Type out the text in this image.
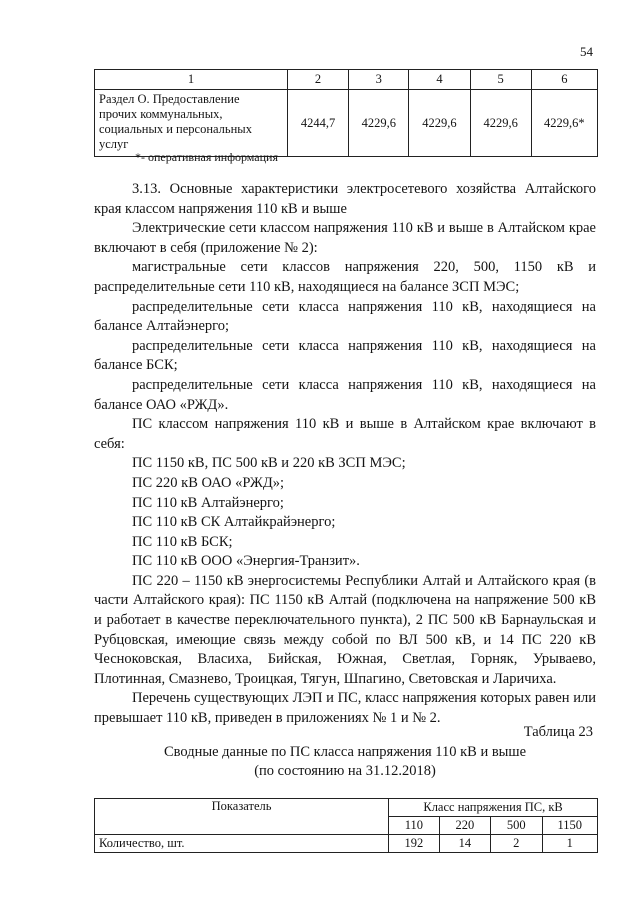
54
1	2	3	4	5	6

Раздел О. Предоставление
прочих коммунальных,
социальных и персональных
услуг	4244,7	4229,6	4229,6	4229,6	4229,6*
*- оперативная информация

3.13. Основные характеристики электросетевого хозяйства Алтайского края классом напряжения 110 кВ и выше

Электрические сети классом напряжения 110 кВ и выше в Алтайском крае включают в себя (приложение № 2):

магистральные сети классов напряжения 220, 500, 1150 кВ и распределительные сети 110 кВ, находящиеся на балансе ЗСП МЭС;

распределительные сети класса напряжения 110 кВ, находящиеся на балансе Алтайэнерго;

распределительные сети класса напряжения 110 кВ, находящиеся на балансе БСК;

распределительные сети класса напряжения 110 кВ, находящиеся на балансе ОАО «РЖД».

ПС классом напряжения 110 кВ и выше в Алтайском крае включают в себя:

ПС 1150 кВ, ПС 500 кВ и 220 кВ ЗСП МЭС;

ПС 220 кВ ОАО «РЖД»;

ПС 110 кВ Алтайэнерго;

ПС 110 кВ СК Алтайкрайэнерго;

ПС 110 кВ БСК;

ПС 110 кВ ООО «Энергия-Транзит».

ПС 220 – 1150 кВ энергосистемы Республики Алтай и Алтайского края (в части Алтайского края): ПС 1150 кВ Алтай (подключена на напряжение 500 кВ и работает в качестве переключательного пункта), 2 ПС 500 кВ Барнаульская и Рубцовская, имеющие связь между собой по ВЛ 500 кВ, и 14 ПС 220 кВ Чесноковская, Власиха, Бийская, Южная, Светлая, Горняк, Урываево, Плотинная, Смазнево, Троицкая, Тягун, Шпагино, Световская и Ларичиха.

Перечень существующих ЛЭП и ПС, класс напряжения которых равен или превышает 110 кВ, приведен в приложениях № 1 и № 2.

Таблица 23
Сводные данные по ПС класса напряжения 110 кВ и выше
(по состоянию на 31.12.2018)
Показатель	Класс напряжения ПС, кВ			
	110	220	500	1150
Количество, шт.	192	14	2	1
